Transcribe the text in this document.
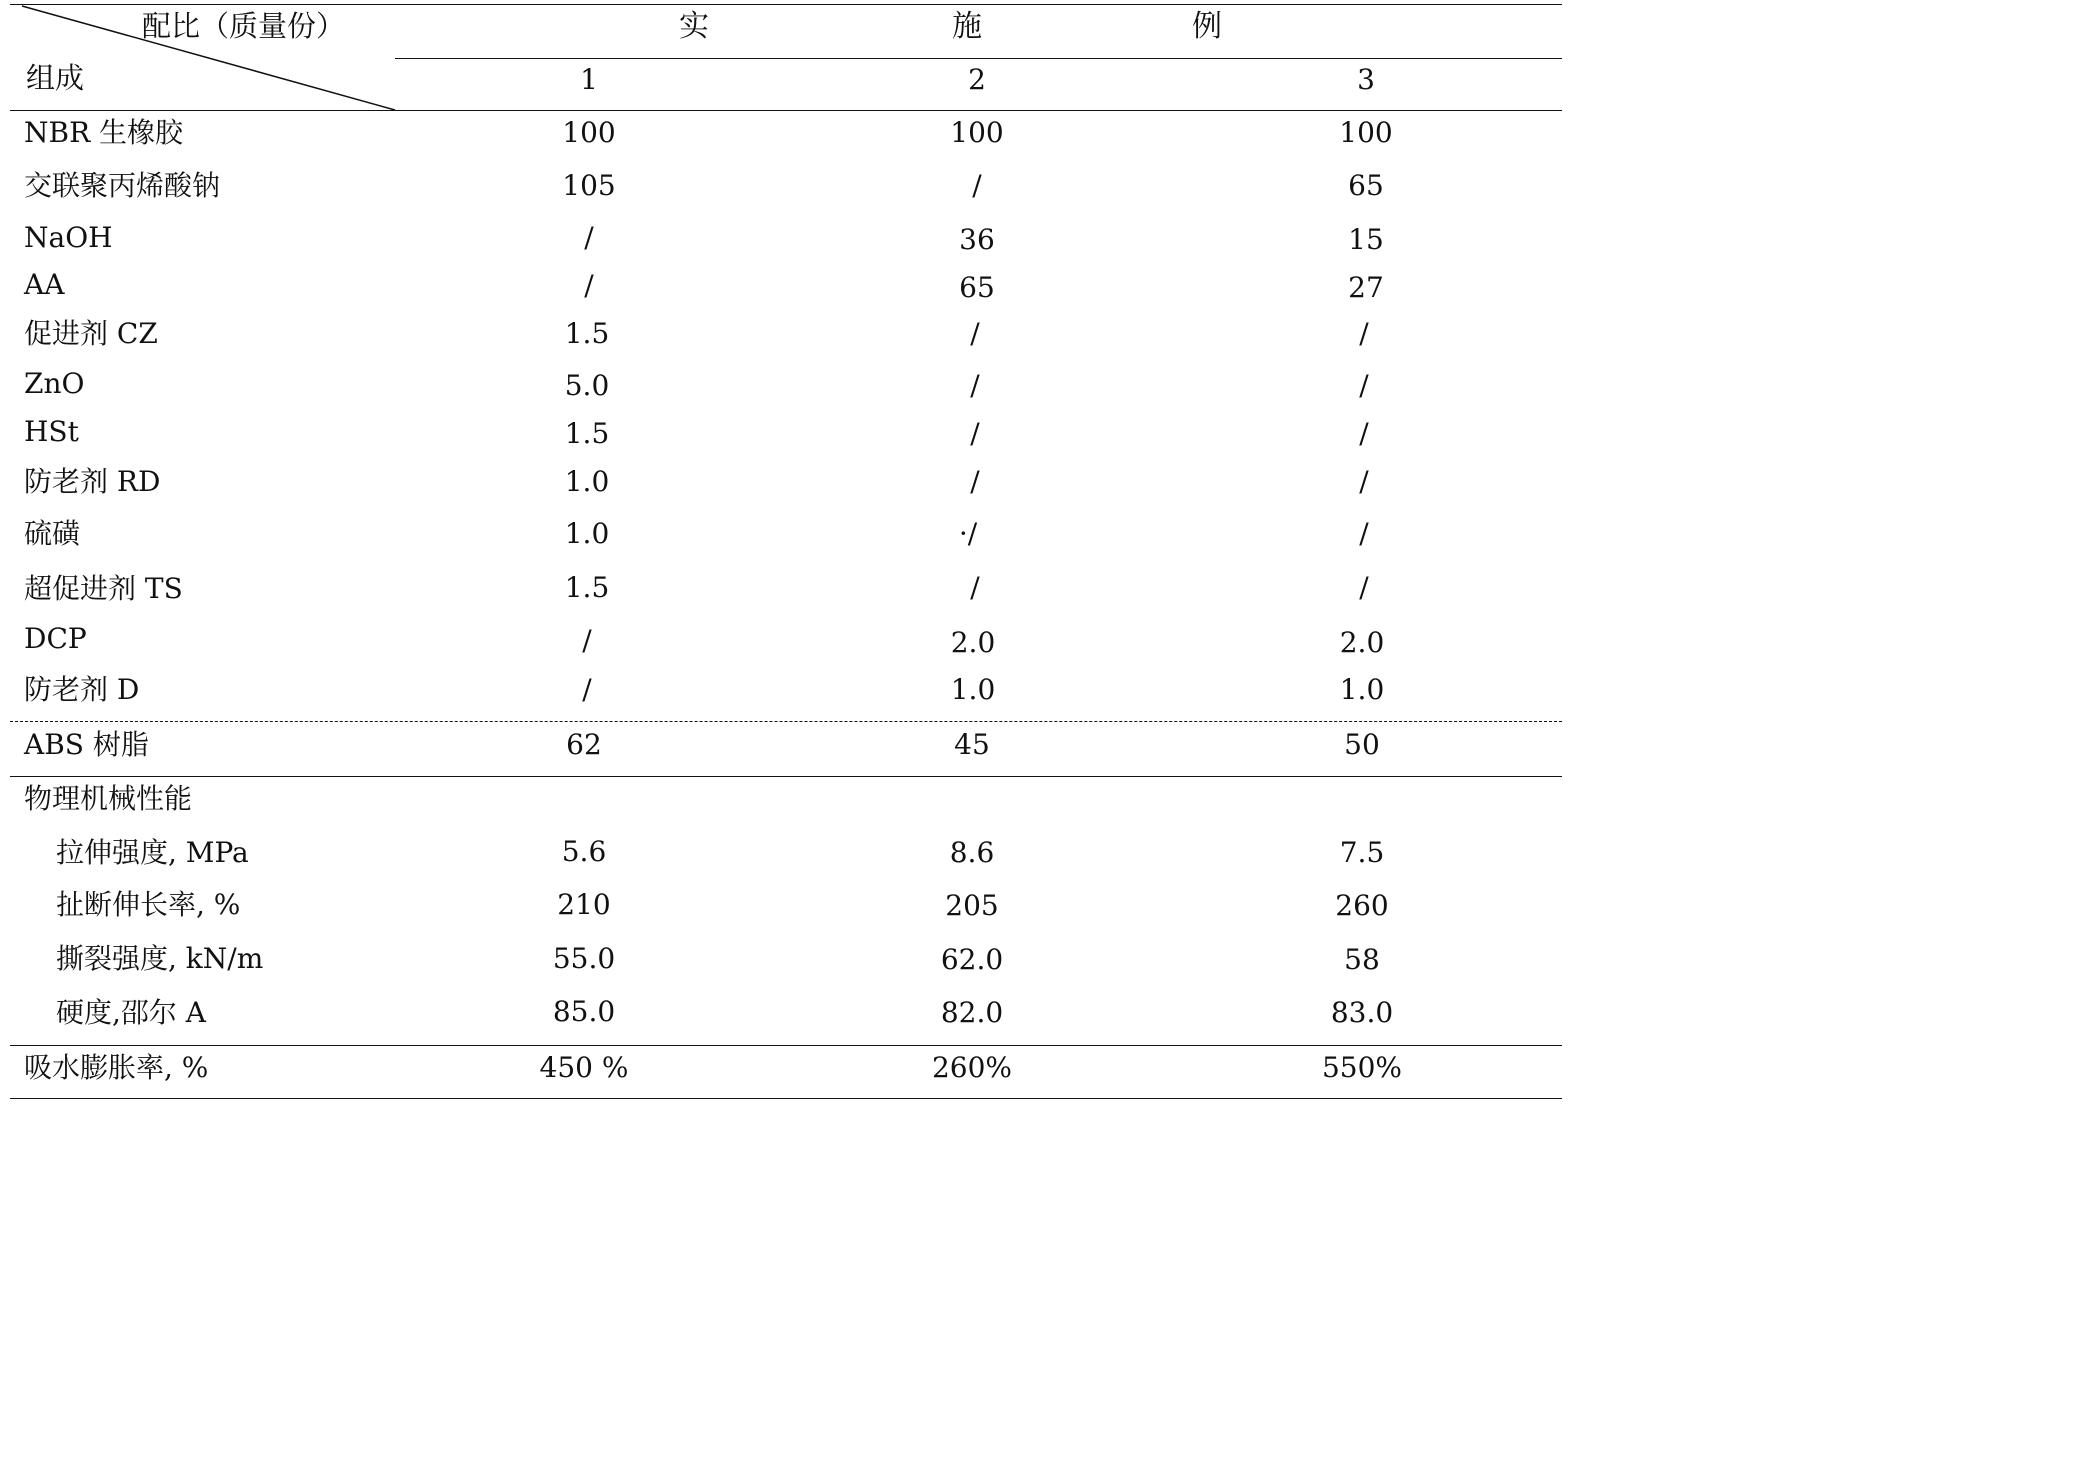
配比（质量份）
组成
实	施	例
1	2	3
NBR 生橡胶	100	100	100
交联聚丙烯酸钠	105	/	65
NaOH	/	36	15
AA	/	65	27
促进剂 CZ	1.5	/	/
ZnO	5.0	/	/
HSt	1.5	/	/
防老剂 RD	1.0	/	/
硫磺	1.0	·/	/
超促进剂 TS	1.5	/	/
DCP	/	2.0	2.0
防老剂 D	/	1.0	1.0
ABS 树脂	62	45	50
物理机械性能
拉伸强度, MPa	5.6	8.6	7.5
扯断伸长率, %	210	205	260
撕裂强度, kN/m	55.0	62.0	58
硬度,邵尔 A	85.0	82.0	83.0
吸水膨胀率, %	450 %	260%	550%
